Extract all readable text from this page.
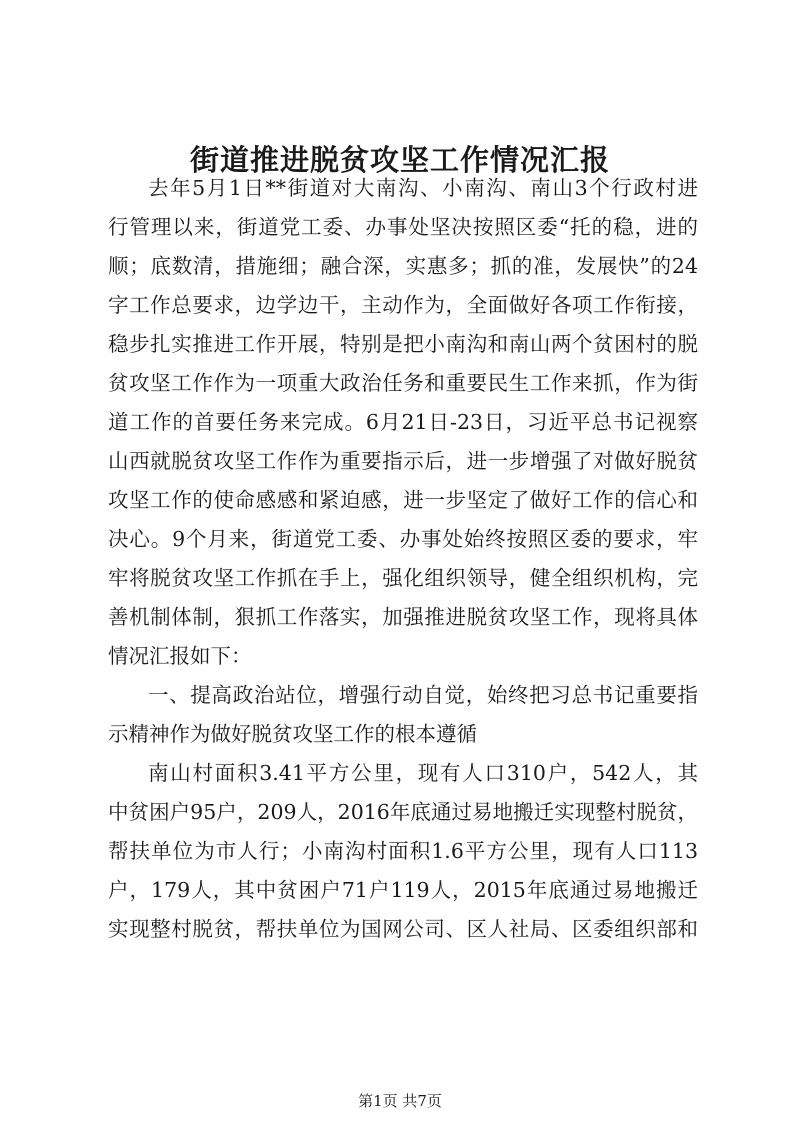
街道推进脱贫攻坚工作情况汇报
去年5月1日**街道对大南沟、小南沟、南山3个行政村进
行管理以来，街道党工委、办事处坚决按照区委“托的稳，进的
顺；底数清，措施细；融合深，实惠多；抓的准，发展快”的24
字工作总要求，边学边干，主动作为，全面做好各项工作衔接，
稳步扎实推进工作开展，特别是把小南沟和南山两个贫困村的脱
贫攻坚工作作为一项重大政治任务和重要民生工作来抓，作为街
道工作的首要任务来完成。6月21日-23日，习近平总书记视察
山西就脱贫攻坚工作作为重要指示后，进一步增强了对做好脱贫
攻坚工作的使命感感和紧迫感，进一步坚定了做好工作的信心和
决心。9个月来，街道党工委、办事处始终按照区委的要求，牢
牢将脱贫攻坚工作抓在手上，强化组织领导，健全组织机构，完
善机制体制，狠抓工作落实，加强推进脱贫攻坚工作，现将具体
情况汇报如下：
一、提高政治站位，增强行动自觉，始终把习总书记重要指
示精神作为做好脱贫攻坚工作的根本遵循
南山村面积3.41平方公里，现有人口310户，542人，其
中贫困户95户，209人，2016年底通过易地搬迁实现整村脱贫，
帮扶单位为市人行；小南沟村面积1.6平方公里，现有人口113
户，179人，其中贫困户71户119人，2015年底通过易地搬迁
实现整村脱贫，帮扶单位为国网公司、区人社局、区委组织部和
第1页 共7页
